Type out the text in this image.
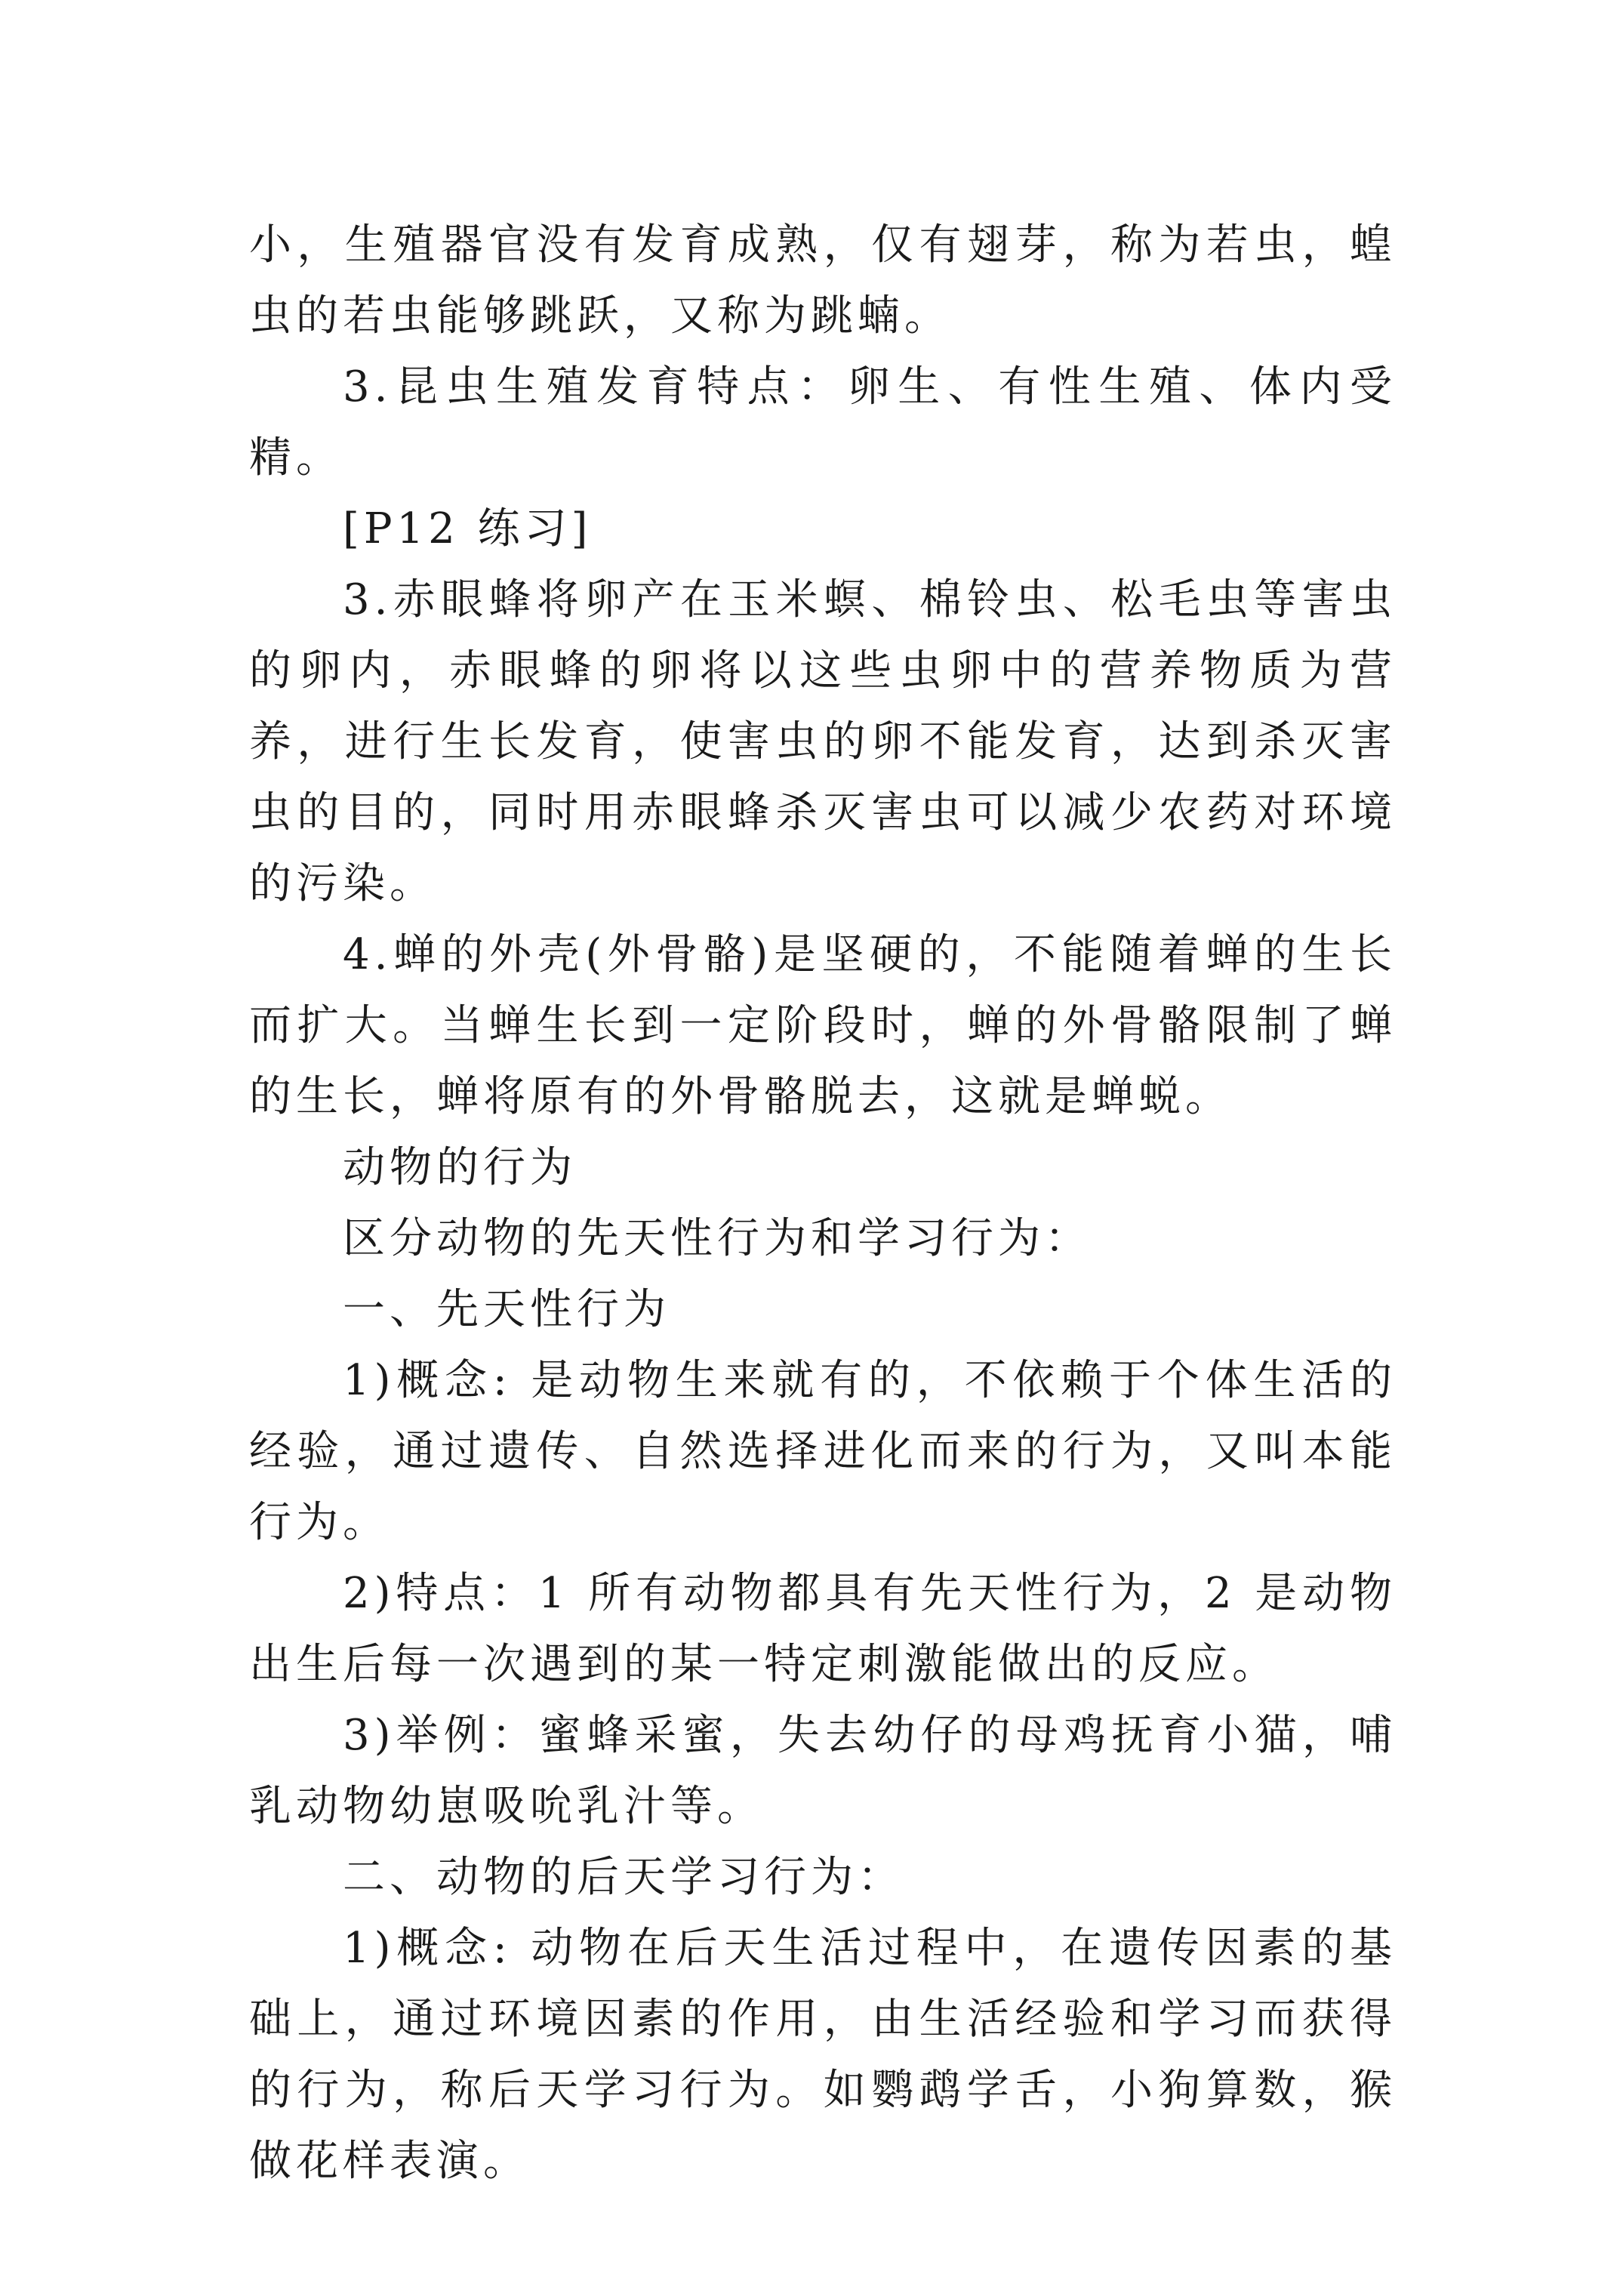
小，生殖器官没有发育成熟，仅有翅芽，称为若虫，蝗虫的若虫能够跳跃，又称为跳蝻。

3.昆虫生殖发育特点：卵生、有性生殖、体内受精。

[P12 练习]

3.赤眼蜂将卵产在玉米螟、棉铃虫、松毛虫等害虫的卵内，赤眼蜂的卵将以这些虫卵中的营养物质为营养，进行生长发育，使害虫的卵不能发育，达到杀灭害虫的目的，同时用赤眼蜂杀灭害虫可以减少农药对环境的污染。

4.蝉的外壳(外骨骼)是坚硬的，不能随着蝉的生长而扩大。当蝉生长到一定阶段时，蝉的外骨骼限制了蝉的生长，蝉将原有的外骨骼脱去，这就是蝉蜕。

动物的行为

区分动物的先天性行为和学习行为：

一、先天性行为

1)概念: 是动物生来就有的，不依赖于个体生活的经验，通过遗传、自然选择进化而来的行为，又叫本能行为。

2)特点：1 所有动物都具有先天性行为，2 是动物出生后每一次遇到的某一特定刺激能做出的反应。

3)举例：蜜蜂采蜜，失去幼仔的母鸡抚育小猫，哺乳动物幼崽吸吮乳汁等。

二、动物的后天学习行为：

1)概念: 动物在后天生活过程中，在遗传因素的基础上，通过环境因素的作用，由生活经验和学习而获得的行为，称后天学习行为。如鹦鹉学舌，小狗算数，猴做花样表演。
